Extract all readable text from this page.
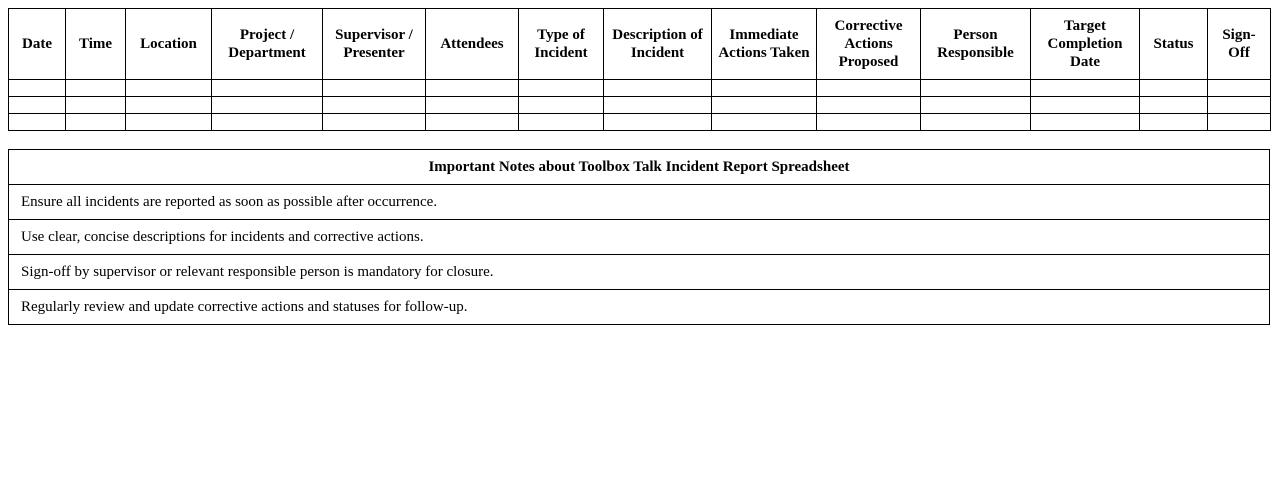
Date	Time	Location	Project / Department	Supervisor / Presenter	Attendees	Type of Incident	Description of Incident	Immediate Actions Taken	Corrective Actions Proposed	Person Responsible	Target Completion Date	Status	Sign-Off

Important Notes about Toolbox Talk Incident Report Spreadsheet
Ensure all incidents are reported as soon as possible after occurrence.
Use clear, concise descriptions for incidents and corrective actions.
Sign-off by supervisor or relevant responsible person is mandatory for closure.
Regularly review and update corrective actions and statuses for follow-up.
